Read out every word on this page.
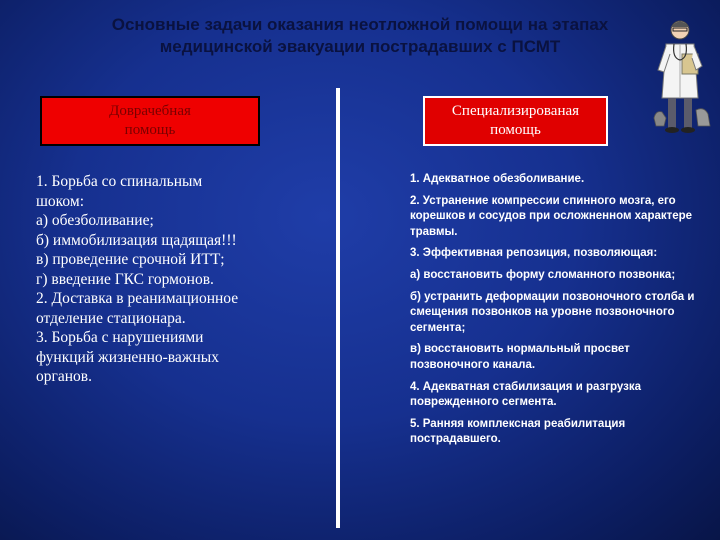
Основные задачи оказания неотложной помощи на этапах
медицинской эвакуации пострадавших с ПСМТ
Доврачебная
помощь
Специализированая
помощь
1. Борьба со спинальным
шоком:
а) обезболивание;
б) иммобилизация щадящая!!!
в) проведение срочной ИТТ;
г) введение ГКС гормонов.
2. Доставка в реанимационное
отделение стационара.
3. Борьба с нарушениями
функций жизненно-важных
органов.

1. Адекватное обезболивание.

2. Устранение компрессии спинного мозга, его корешков и сосудов при осложненном характере травмы.

3. Эффективная репозиция, позволяющая:

а) восстановить форму сломанного позвонка;

б) устранить деформации позвоночного столба и смещения позвонков на уровне позвоночного сегмента;

в) восстановить нормальный просвет позвоночного канала.

4. Адекватная стабилизация и разгрузка поврежденного сегмента.

5. Ранняя комплексная реабилитация пострадавшего.
